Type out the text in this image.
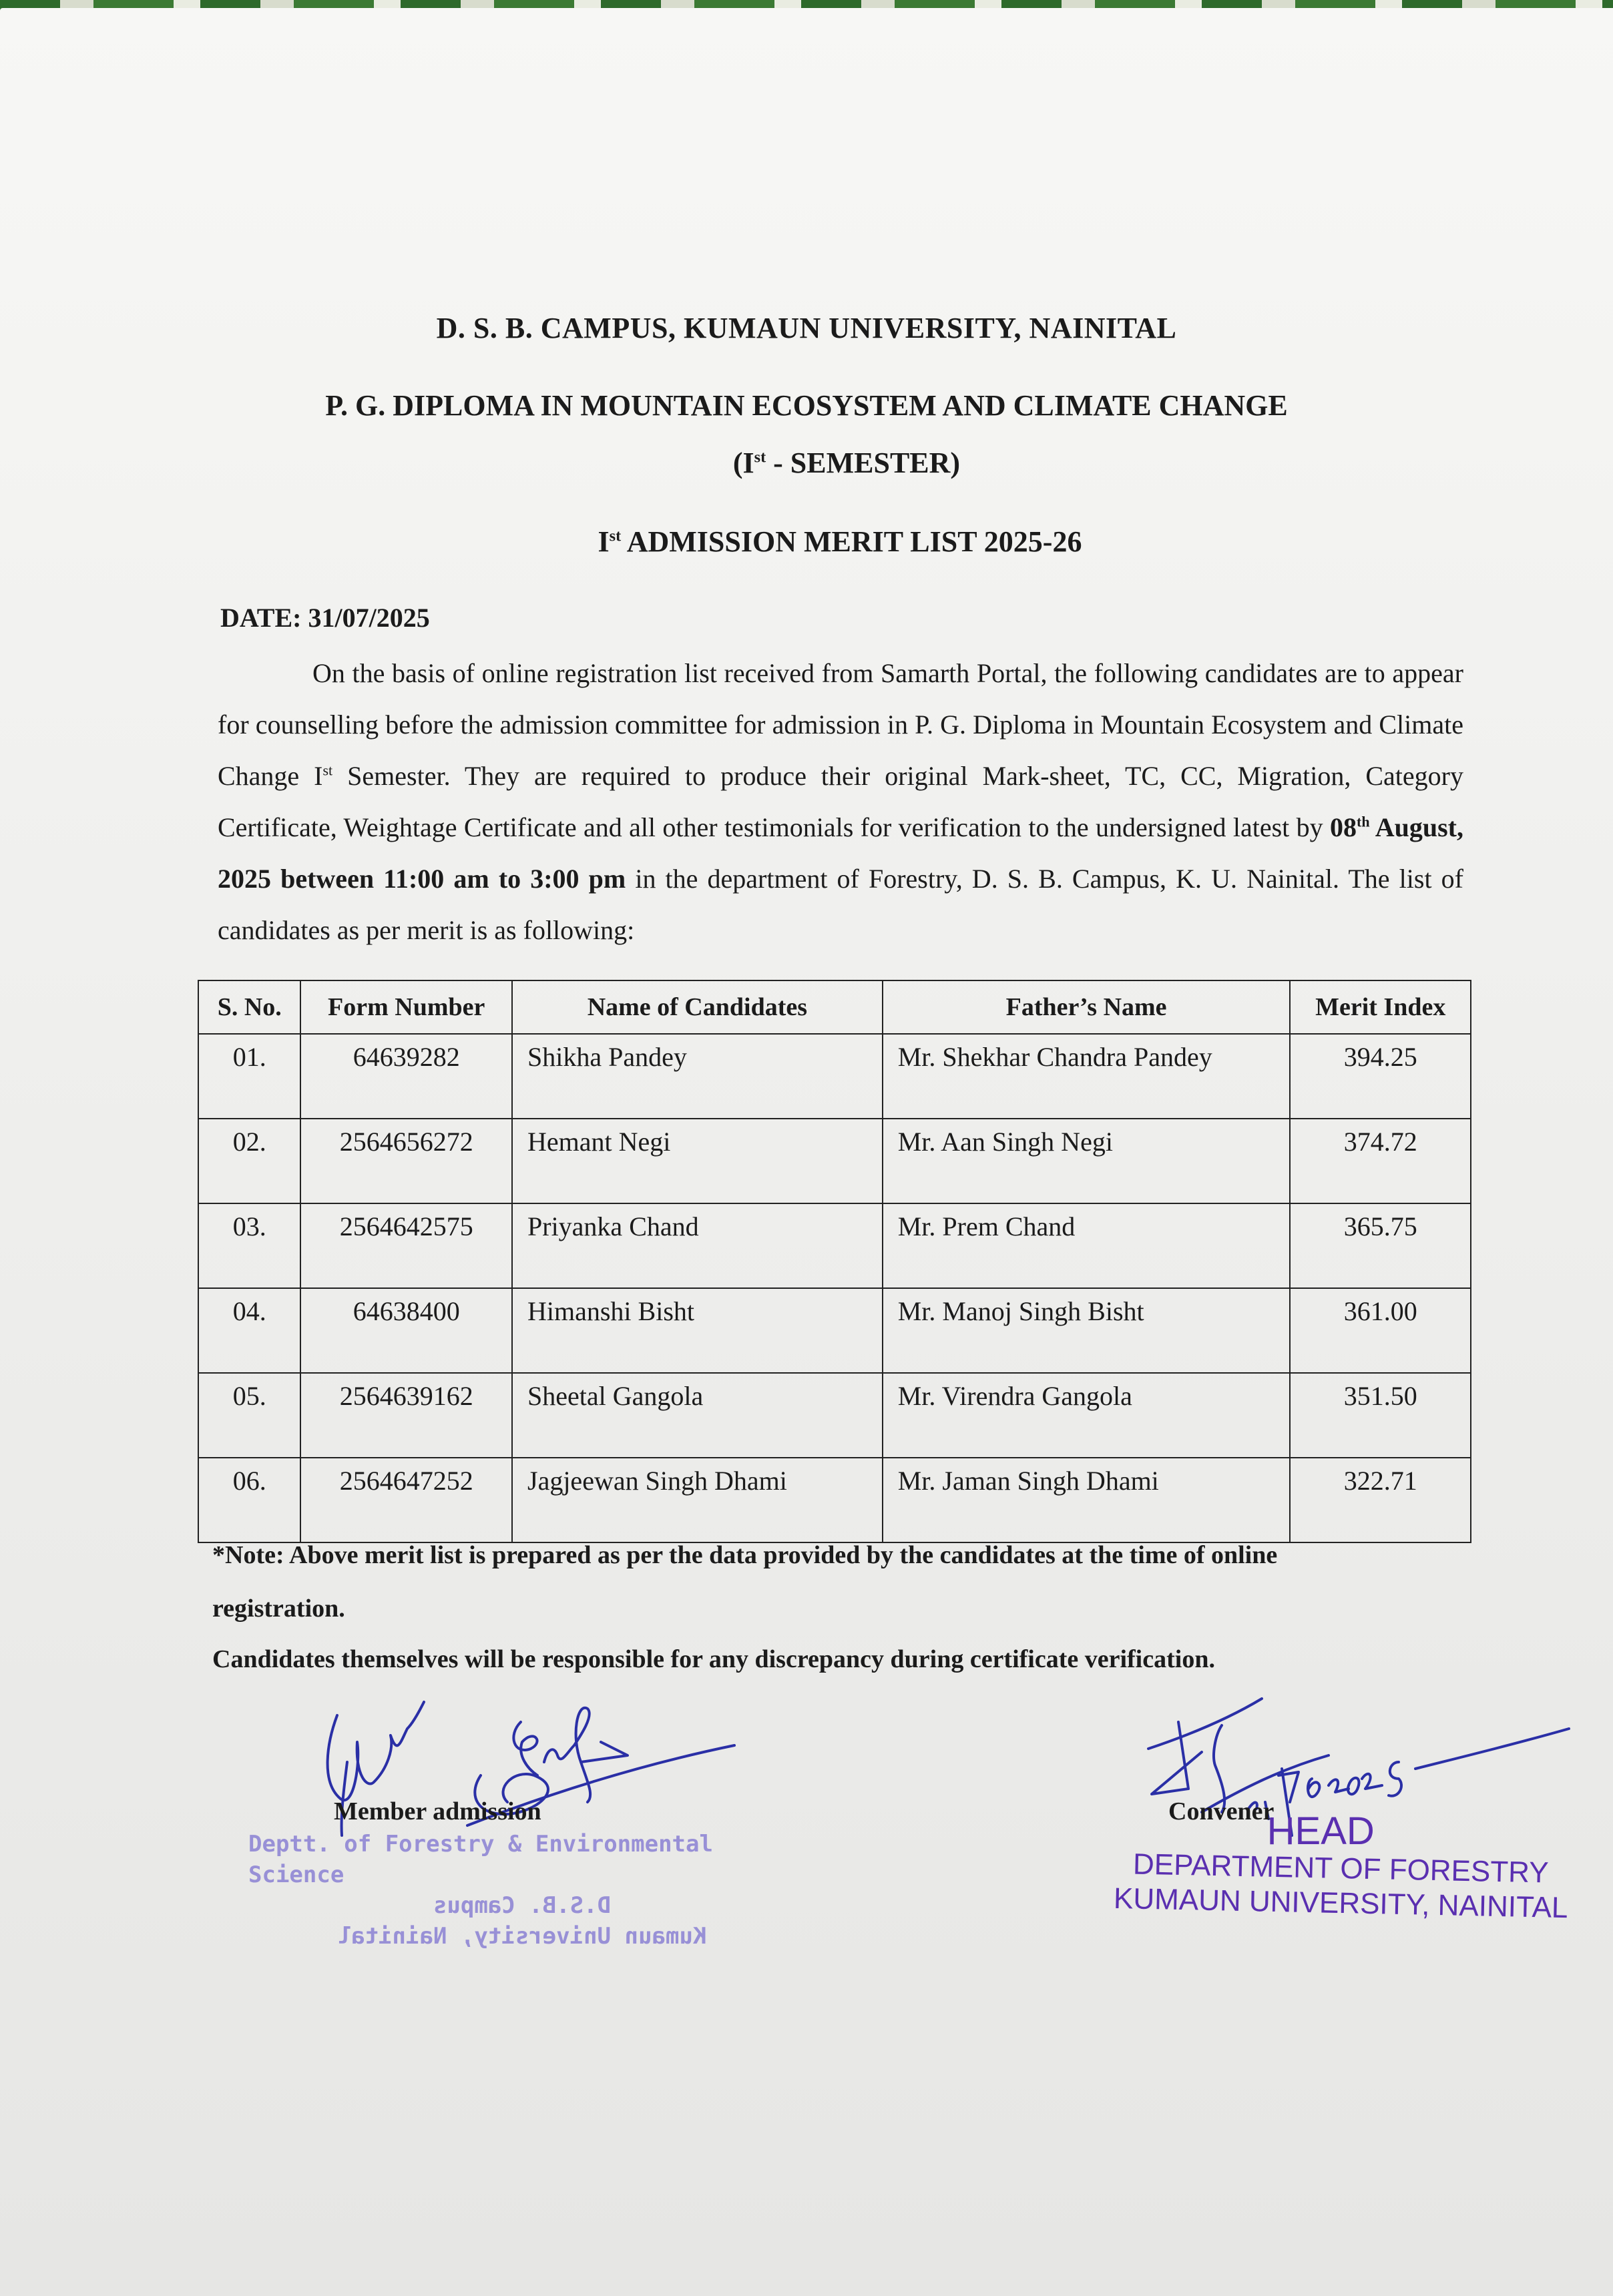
D. S. B. CAMPUS, KUMAUN UNIVERSITY, NAINITAL
P. G. DIPLOMA IN MOUNTAIN ECOSYSTEM AND CLIMATE CHANGE
(Ist - SEMESTER)
Ist ADMISSION MERIT LIST 2025-26
DATE: 31/07/2025
On the basis of online registration list received from Samarth Portal, the following candidates are to appear for counselling before the admission committee for admission in P. G. Diploma in Mountain Ecosystem and Climate Change Ist Semester. They are required to produce their original Mark-sheet, TC, CC, Migration, Category Certificate, Weightage Certificate and all other testimonials for verification to the undersigned latest by 08th August, 2025 between 11:00 am to 3:00 pm in the department of Forestry, D. S. B. Campus, K. U. Nainital. The list of candidates as per merit is as following:
S. No.	Form Number	Name of Candidates	Father’s Name	Merit Index
01.	64639282	Shikha Pandey	Mr. Shekhar Chandra Pandey	394.25
02.	2564656272	Hemant Negi	Mr. Aan Singh Negi	374.72
03.	2564642575	Priyanka Chand	Mr. Prem Chand	365.75
04.	64638400	Himanshi Bisht	Mr. Manoj Singh Bisht	361.00
05.	2564639162	Sheetal Gangola	Mr. Virendra Gangola	351.50
06.	2564647252	Jagjeewan Singh Dhami	Mr. Jaman Singh Dhami	322.71
*Note: Above merit list is prepared as per the data provided by the candidates at the time of online
registration.
Candidates themselves will be responsible for any discrepancy during certificate verification.
Member admission
Deptt. of Forestry & Environmental Science
D.S.B. Campus
Kumaun University, Nainital
Convener
HEAD
DEPARTMENT OF FORESTRY
KUMAUN UNIVERSITY, NAINITAL
